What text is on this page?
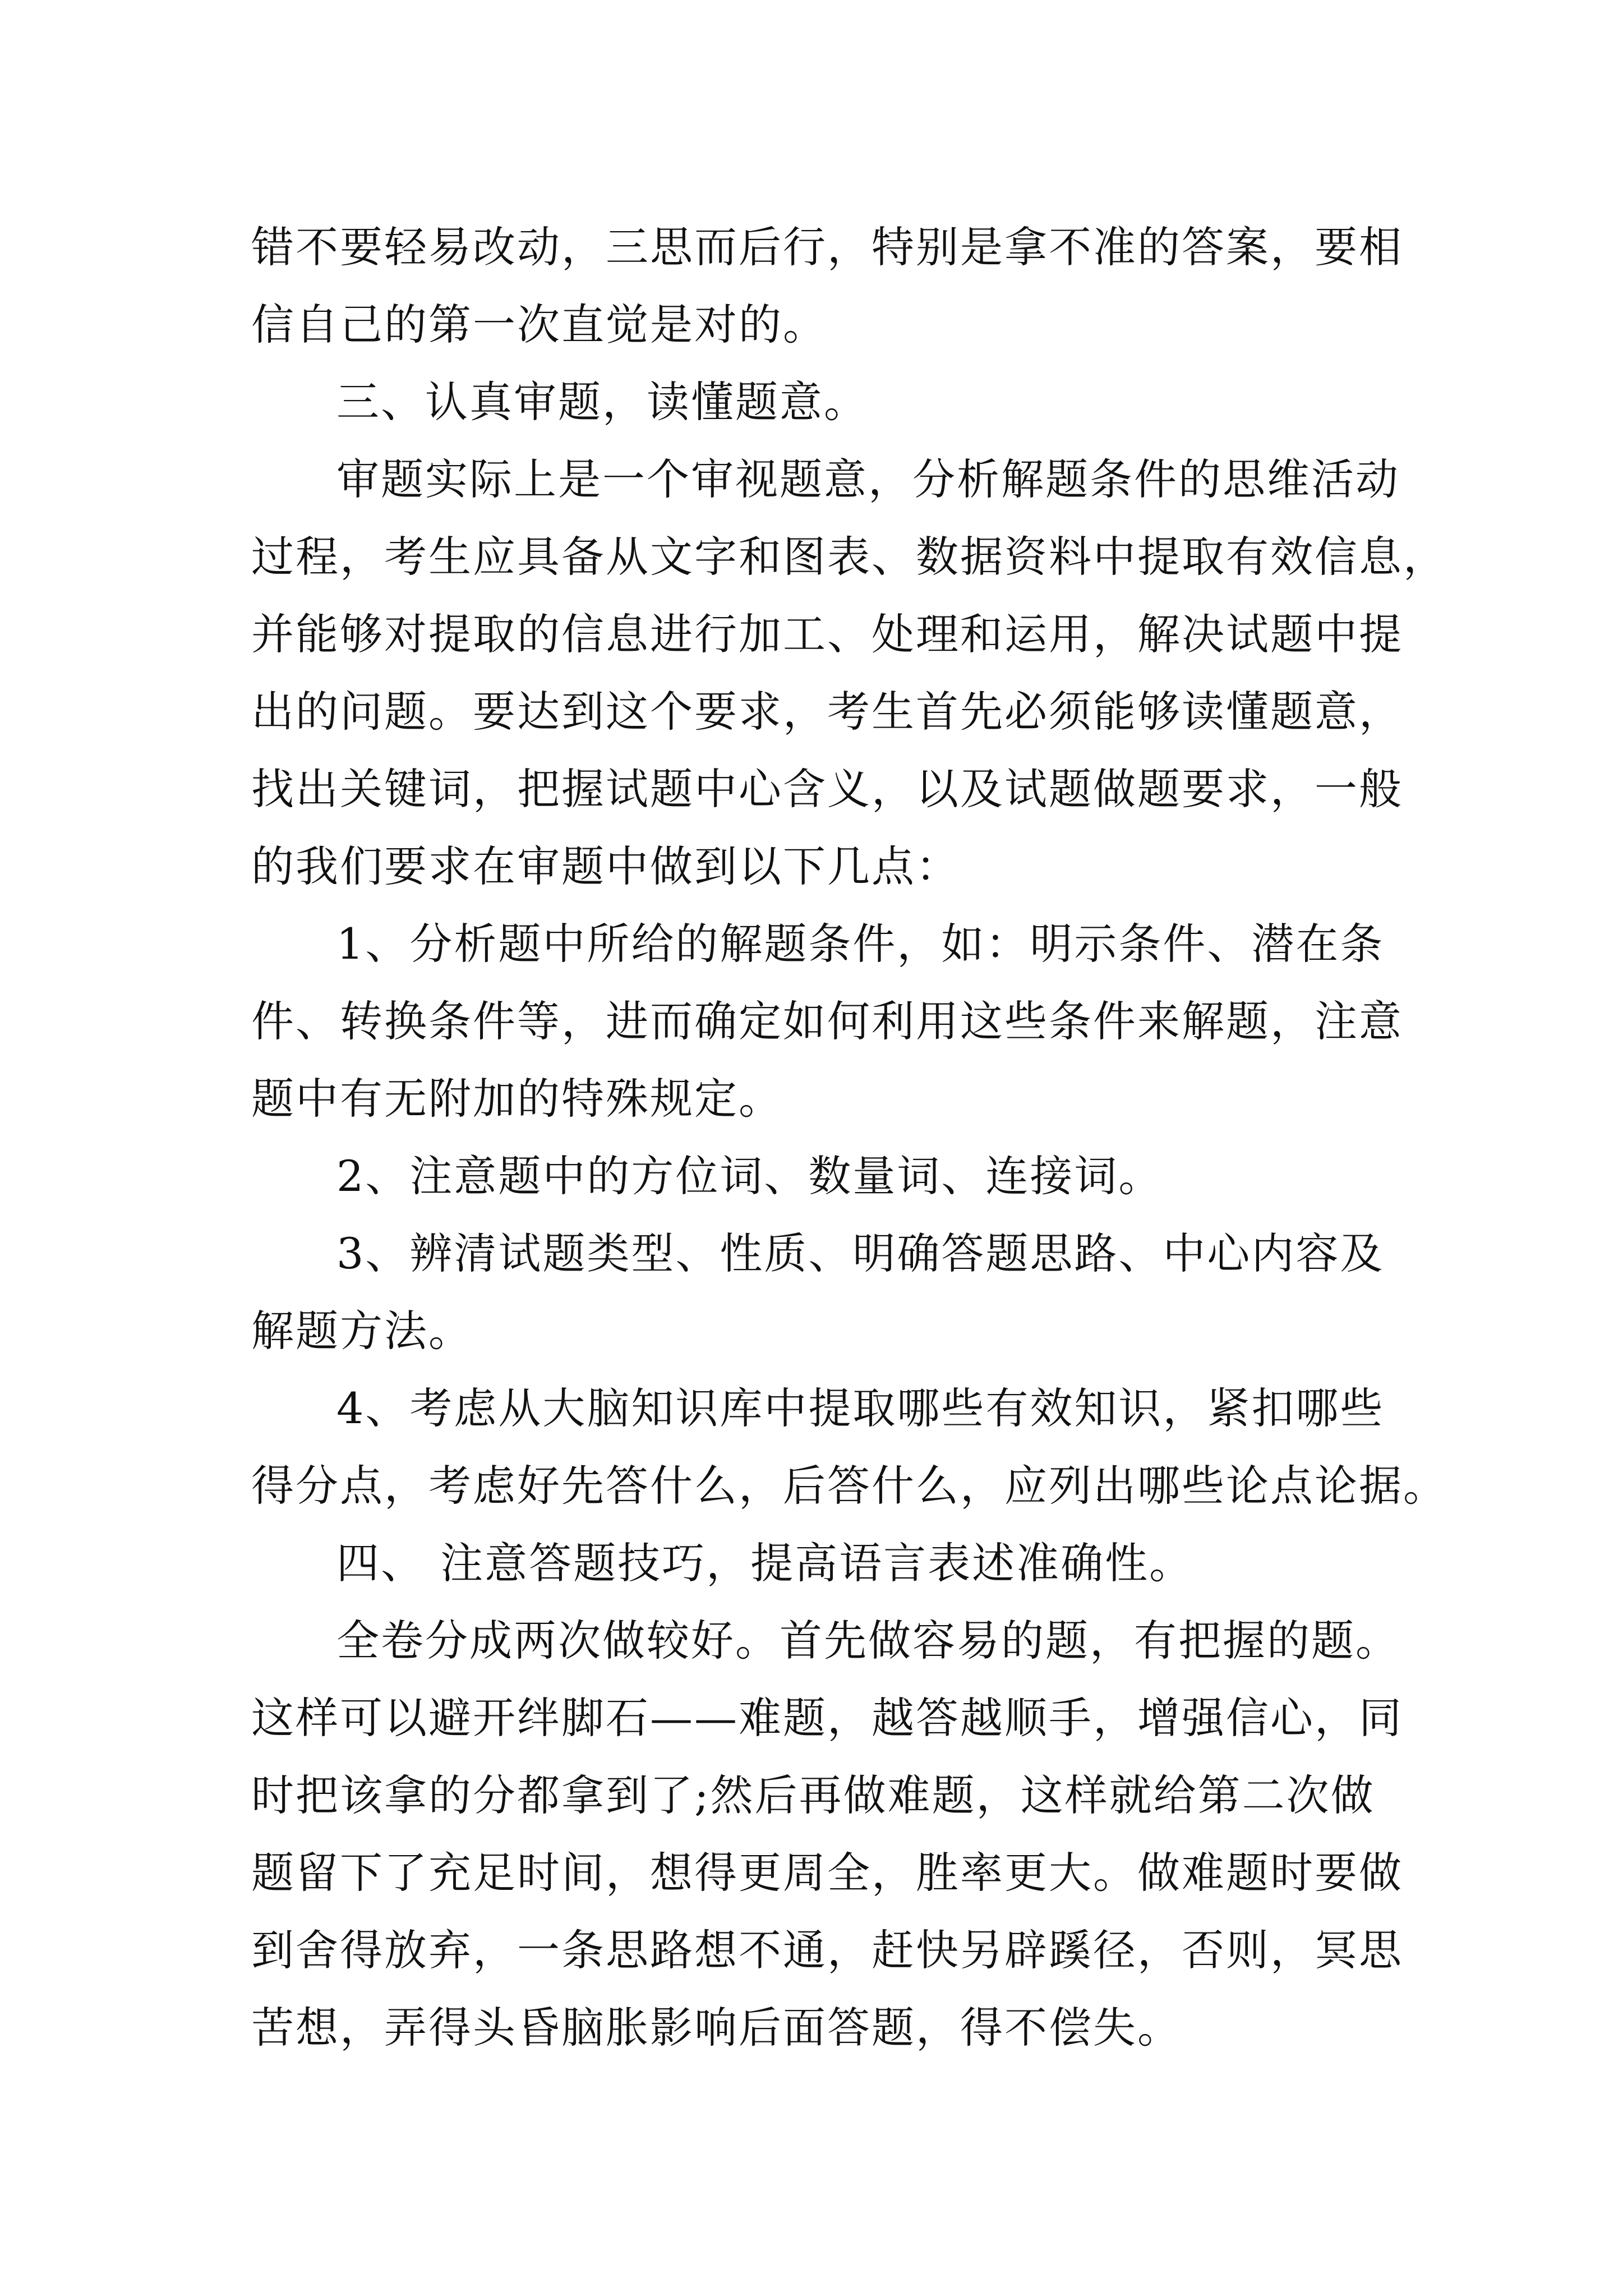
错不要轻易改动，三思而后行，特别是拿不准的答案，要相
信自己的第一次直觉是对的。
三、认真审题，读懂题意。
审题实际上是一个审视题意，分析解题条件的思维活动
过程，考生应具备从文字和图表、数据资料中提取有效信息，
并能够对提取的信息进行加工、处理和运用，解决试题中提
出的问题。要达到这个要求，考生首先必须能够读懂题意，
找出关键词，把握试题中心含义，以及试题做题要求，一般
的我们要求在审题中做到以下几点：
1、分析题中所给的解题条件，如：明示条件、潜在条
件、转换条件等，进而确定如何利用这些条件来解题，注意
题中有无附加的特殊规定。
2、注意题中的方位词、数量词、连接词。
3、辨清试题类型、性质、明确答题思路、中心内容及
解题方法。
4、考虑从大脑知识库中提取哪些有效知识，紧扣哪些
得分点，考虑好先答什么，后答什么，应列出哪些论点论据。
四、 注意答题技巧，提高语言表述准确性。
全卷分成两次做较好。首先做容易的题，有把握的题。
这样可以避开绊脚石——难题，越答越顺手，增强信心，同
时把该拿的分都拿到了;然后再做难题，这样就给第二次做
题留下了充足时间，想得更周全，胜率更大。做难题时要做
到舍得放弃，一条思路想不通，赶快另辟蹊径，否则，冥思
苦想，弄得头昏脑胀影响后面答题，得不偿失。
